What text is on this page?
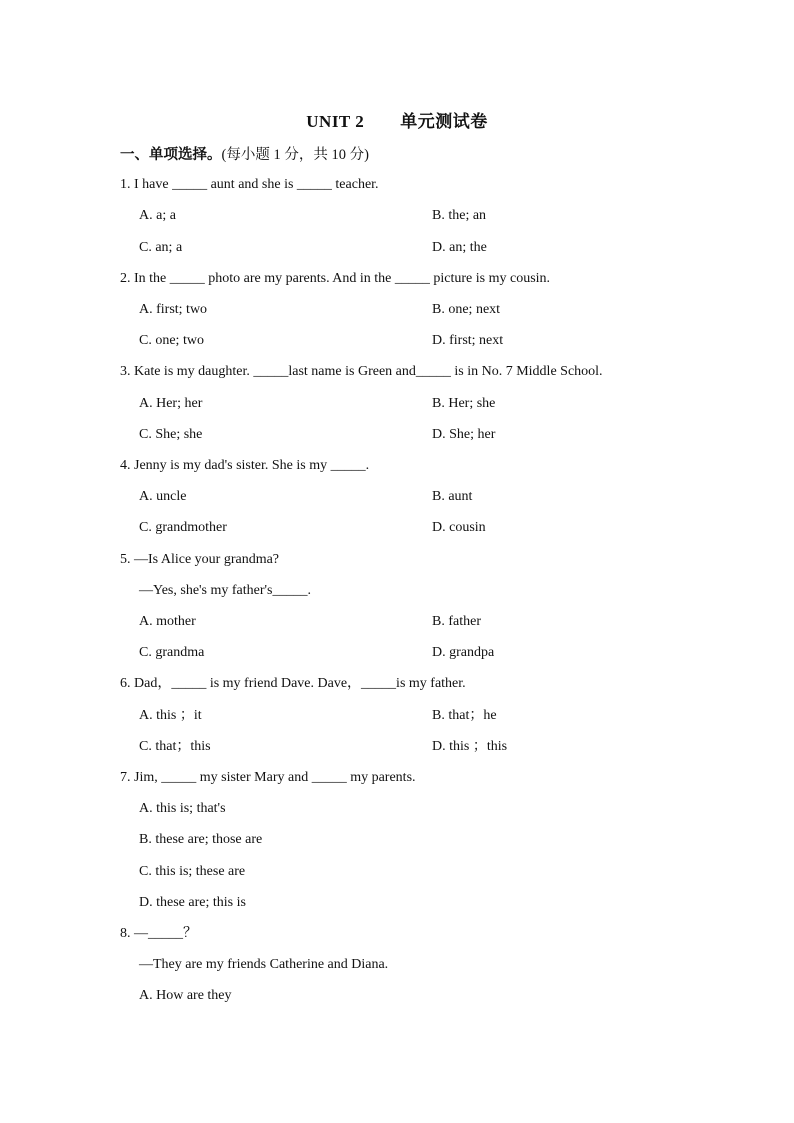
UNIT 2 单元测试卷
一、单项选择。(每小题 1 分，共 10 分)
1. I have _____ aunt and she is _____ teacher.
A. a; a	B. the; an
C. an; a	D. an; the
2. In the _____ photo are my parents. And in the _____ picture is my cousin.
A. first; two	B. one; next
C. one; two	D. first; next
3. Kate is my daughter. _____last name is Green and_____ is in No. 7 Middle School.
A. Her; her	B. Her; she
C. She; she	D. She; her
4. Jenny is my dad's sister. She is my _____.
A. uncle	B. aunt
C. grandmother	D. cousin
5. —Is Alice your grandma?
—Yes, she's my father's_____.
A. mother	B. father
C. grandma	D. grandpa
6. Dad，_____ is my friend Dave. Dave，_____is my father.
A. this ；it	B. that；he
C. that；this	D. this ；this
7. Jim, _____ my sister Mary and _____ my parents.
A. this is; that's
B. these are; those are
C. this is; these are
D. these are; this is
8. —_____？
—They are my friends Catherine and Diana.
A. How are they
